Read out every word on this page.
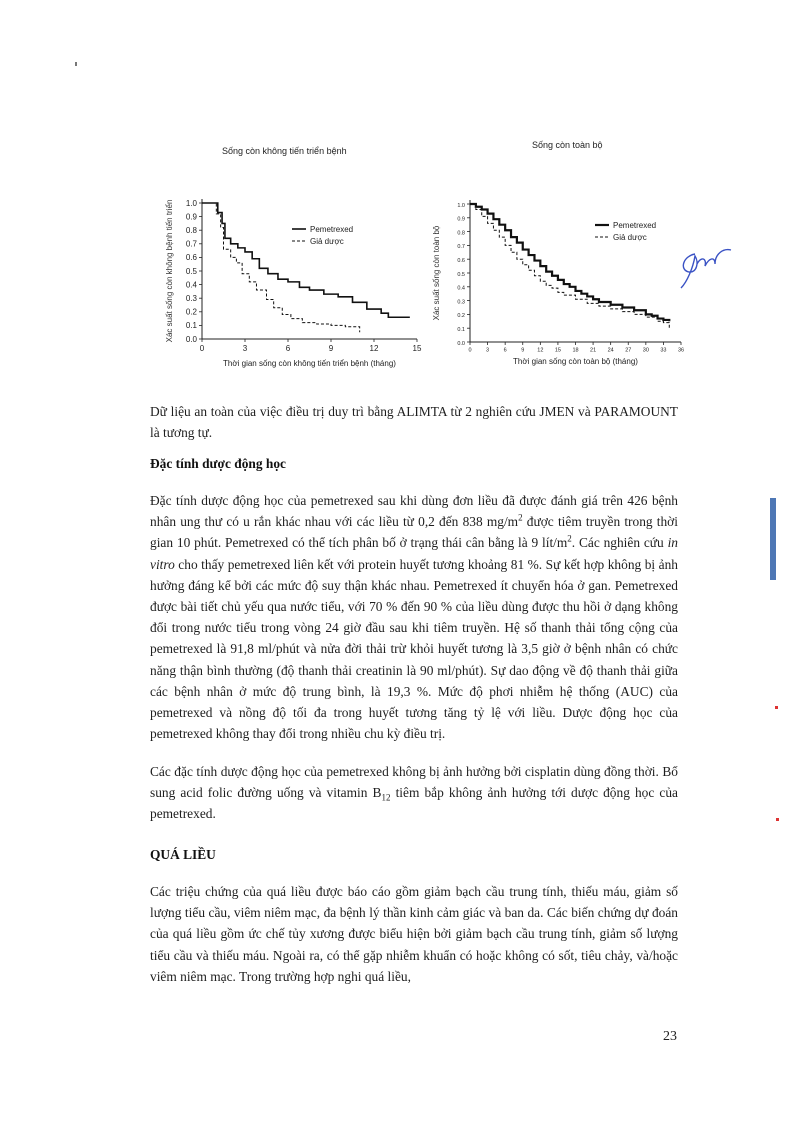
Sống còn không tiến triển bệnh
Sống còn toàn bộ
0.0
0.1
0.2
0.3
0.4
0.5
0.6
0.7
0.8
0.9
1.0
0	3	6	9	12	15
Thời gian sống còn không tiến triển bệnh (tháng)
Xác suất sống còn không bệnh tiến triển	Pemetrexed
Giả dược
0.0
0.1
0.2
0.3
0.4
0.5
0.6
0.7
0.8
0.9
1.0
0	3	6	9 12 15 18 21 24 27 30 33 36
Thời gian sống còn toàn bộ (tháng)
Xác suất sống còn toàn bộ
Pemetrexed
Giả dược
Dữ liệu an toàn của việc điều trị duy trì bằng ALIMTA từ 2 nghiên cứu JMEN và PARAMOUNT là tương tự.
Đặc tính dược động học
Đặc tính dược động học của pemetrexed sau khi dùng đơn liều đã được đánh giá trên 426 bệnh nhân ung thư có u rắn khác nhau với các liều từ 0,2 đến 838 $mg/m^2$ được tiêm truyền trong thời gian 10 phút. Pemetrexed có thể tích phân bố ở trạng thái cân bằng là 9 lít/$m^2$. Các nghiên cứu in vitro cho thấy pemetrexed liên kết với protein huyết tương khoảng 81 %. Sự kết hợp không bị ảnh hưởng đáng kể bởi các mức độ suy thận khác nhau. Pemetrexed ít chuyển hóa ở gan. Pemetrexed được bài tiết chủ yếu qua nước tiểu, với 70 % đến 90 % của liều dùng được thu hồi ở dạng không đổi trong nước tiểu trong vòng 24 giờ đầu sau khi tiêm truyền. Hệ số thanh thải tổng cộng của pemetrexed là 91,8 ml/phút và nửa đời thải trừ khỏi huyết tương là 3,5 giờ ở bệnh nhân có chức năng thận bình thường (độ thanh thải creatinin là 90 ml/phút). Sự dao động về độ thanh thải giữa các bệnh nhân ở mức độ trung bình, là 19,3 %. Mức độ phơi nhiễm hệ thống (AUC) của pemetrexed và nồng độ tối đa trong huyết tương tăng tỷ lệ với liều. Dược động học của pemetrexed không thay đổi trong nhiều chu kỳ điều trị.
Các đặc tính dược động học của pemetrexed không bị ảnh hưởng bởi cisplatin dùng đồng thời. Bổ sung acid folic đường uống và vitamin $B_{12}$ tiêm bắp không ảnh hưởng tới dược động học của pemetrexed.
QUÁ LIỀU
Các triệu chứng của quá liều được báo cáo gồm giảm bạch cầu trung tính, thiếu máu, giảm số lượng tiểu cầu, viêm niêm mạc, đa bệnh lý thần kinh cảm giác và ban da. Các biến chứng dự đoán của quá liều gồm ức chế tủy xương được biểu hiện bởi giảm bạch cầu trung tính, giảm số lượng tiểu cầu và thiếu máu. Ngoài ra, có thể gặp nhiễm khuẩn có hoặc không có sốt, tiêu chảy, và/hoặc viêm niêm mạc. Trong trường hợp nghi quá liều,
23
